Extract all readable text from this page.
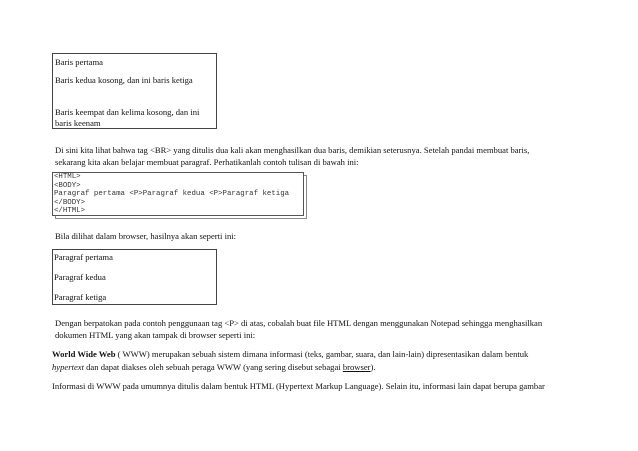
Baris pertama
Baris kedua kosong, dan ini baris ketiga
Baris keempat dan kelima kosong, dan ini
baris keenam
Di sini kita lihat bahwa tag <BR> yang ditulis dua kali akan menghasilkan dua baris, demikian seterusnya. Setelah pandai membuat baris,
sekarang kita akan belajar membuat paragraf. Perhatikanlah contoh tulisan di bawah ini:
<HTML>
<BODY>
Paragraf pertama <P>Paragraf kedua <P>Paragraf ketiga
</BODY>
</HTML>
Bila dilihat dalam browser, hasilnya akan seperti ini:
Paragraf pertama
Paragraf kedua
Paragraf ketiga
Dengan berpatokan pada contoh penggunaan tag <P> di atas, cobalah buat file HTML dengan menggunakan Notepad sehingga menghasilkan
dokumen HTML yang akan tampak di browser seperti ini:
World Wide Web ( WWW) merupakan sebuah sistem dimana informasi (teks, gambar, suara, dan lain-lain) dipresentasikan dalam bentuk
hypertext dan dapat diakses oleh sebuah peraga WWW (yang sering disebut sebagai browser).
Informasi di WWW pada umumnya ditulis dalam bentuk HTML (Hypertext Markup Language). Selain itu, informasi lain dapat berupa gambar
